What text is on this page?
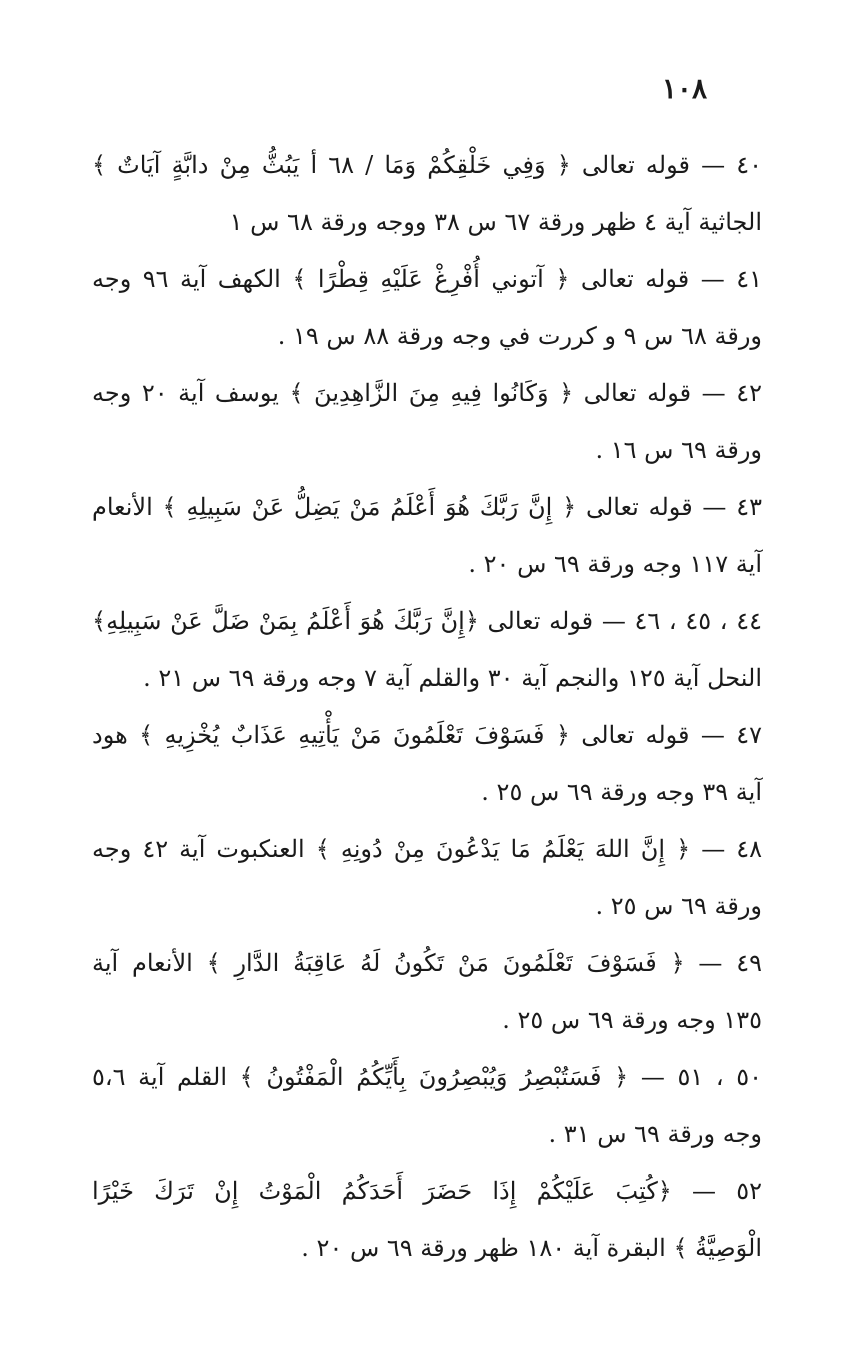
١٠٨
٤٠ — قوله تعالى ﴿ وَفِي خَلْقِكُمْ وَمَا / ٦٨ أ يَبُثُّ مِنْ دابَّةٍ آيَاتٌ ﴾
الجاثية آية ٤ ظهر ورقة ٦٧ س ٣٨ ووجه ورقة ٦٨ س ١
٤١ — قوله تعالى ﴿ آتوني أُفْرِغْ عَلَيْهِ قِطْرًا ﴾ الكهف آية ٩٦ وجه
ورقة ٦٨ س ٩ و كررت في وجه ورقة ٨٨ س ١٩ .
٤٢ — قوله تعالى ﴿ وَكَانُوا فِيهِ مِنَ الزَّاهِدِينَ ﴾ يوسف آية ٢٠ وجه
ورقة ٦٩ س ١٦ .
٤٣ — قوله تعالى ﴿ إِنَّ رَبَّكَ هُوَ أَعْلَمُ مَنْ يَضِلُّ عَنْ سَبِيلِهِ ﴾ الأنعام
آية ١١٧ وجه ورقة ٦٩ س ٢٠ .
٤٤ ، ٤٥ ، ٤٦ — قوله تعالى ﴿إِنَّ رَبَّكَ هُوَ أَعْلَمُ بِمَنْ ضَلَّ عَنْ سَبِيلِهِ﴾
النحل آية ١٢٥ والنجم آية ٣٠ والقلم آية ٧ وجه ورقة ٦٩ س ٢١ .
٤٧ — قوله تعالى ﴿ فَسَوْفَ تَعْلَمُونَ مَنْ يَأْتِيهِ عَذَابٌ يُخْزِيهِ ﴾ هود
آية ٣٩ وجه ورقة ٦٩ س ٢٥ .
٤٨ — ﴿ إِنَّ اللهَ يَعْلَمُ مَا يَدْعُونَ مِنْ دُونِهِ ﴾ العنكبوت آية ٤٢ وجه
ورقة ٦٩ س ٢٥ .
٤٩ — ﴿ فَسَوْفَ تَعْلَمُونَ مَنْ تَكُونُ لَهُ عَاقِبَةُ الدَّارِ ﴾ الأنعام آية
١٣٥ وجه ورقة ٦٩ س ٢٥ .
٥٠ ، ٥١ — ﴿ فَسَتُبْصِرُ وَيُبْصِرُونَ بِأَيِّكُمُ الْمَفْتُونُ ﴾ القلم آية ٥،٦
وجه ورقة ٦٩ س ٣١ .
٥٢ — ﴿كُتِبَ عَلَيْكُمْ إِذَا حَضَرَ أَحَدَكُمُ الْمَوْتُ إِنْ تَرَكَ خَيْرًا
الْوَصِيَّةُ ﴾ البقرة آية ١٨٠ ظهر ورقة ٦٩ س ٢٠ .
